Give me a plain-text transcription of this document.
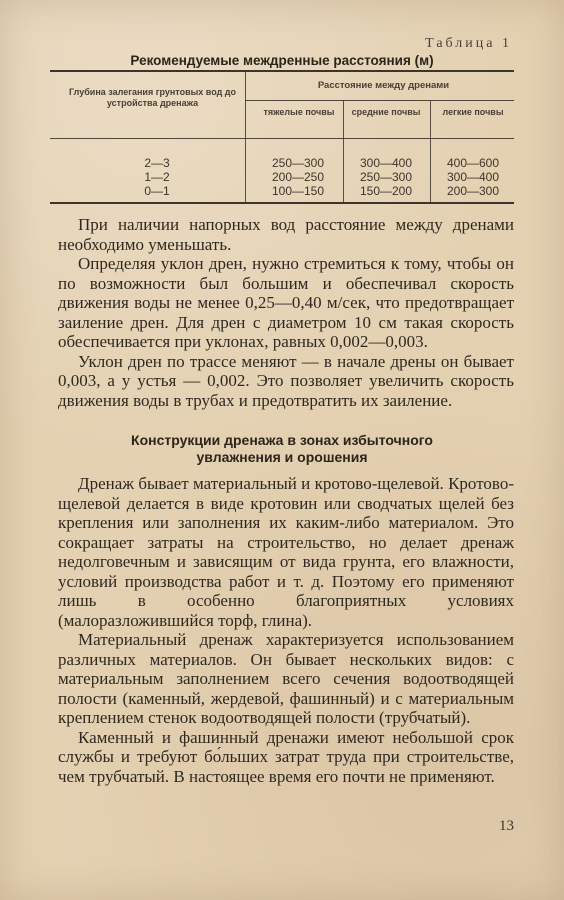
Таблица 1
Рекомендуемые междренные расстояния (м)
Глубина залегания грунтовых вод до устройства дренажа
Расстояние между дренами
тяжелые почвы	средние почвы	легкие почвы
2—3	250—300	300—400	400—600
1—2	200—250	250—300	300—400
0—1	100—150	150—200	200—300

При наличии напорных вод расстояние между дренами необходимо уменьшать.

Определяя уклон дрен, нужно стремиться к тому, чтобы он по возможности был большим и обеспечивал скорость движения воды не менее 0,25—0,40 м/сек, что предотвращает заиление дрен. Для дрен с диаметром 10 см такая скорость обеспечивается при уклонах, равных 0,002—0,003.

Уклон дрен по трассе меняют — в начале дрены он бывает 0,003, а у устья — 0,002. Это позволяет увеличить скорость движения воды в трубах и предотвратить их заиление.

Конструкции дренажа в зонах избыточного
увлажнения и орошения

Дренаж бывает материальный и кротово-щелевой. Кротово-щелевой делается в виде кротовин или сводчатых щелей без крепления или заполнения их каким-либо материалом. Это сокращает затраты на строительство, но делает дренаж недолговечным и зависящим от вида грунта, его влажности, условий производства работ и т. д. Поэтому его применяют лишь в особенно благоприятных условиях (малоразложившийся торф, глина).

Материальный дренаж характеризуется использованием различных материалов. Он бывает нескольких видов: с материальным заполнением всего сечения водоотводящей полости (каменный, жердевой, фашинный) и с материальным креплением стенок водоотводящей полости (трубчатый).

Каменный и фашинный дренажи имеют небольшой срок службы и требуют бо́льших затрат труда при строительстве, чем трубчатый. В настоящее время его почти не применяют.

13
